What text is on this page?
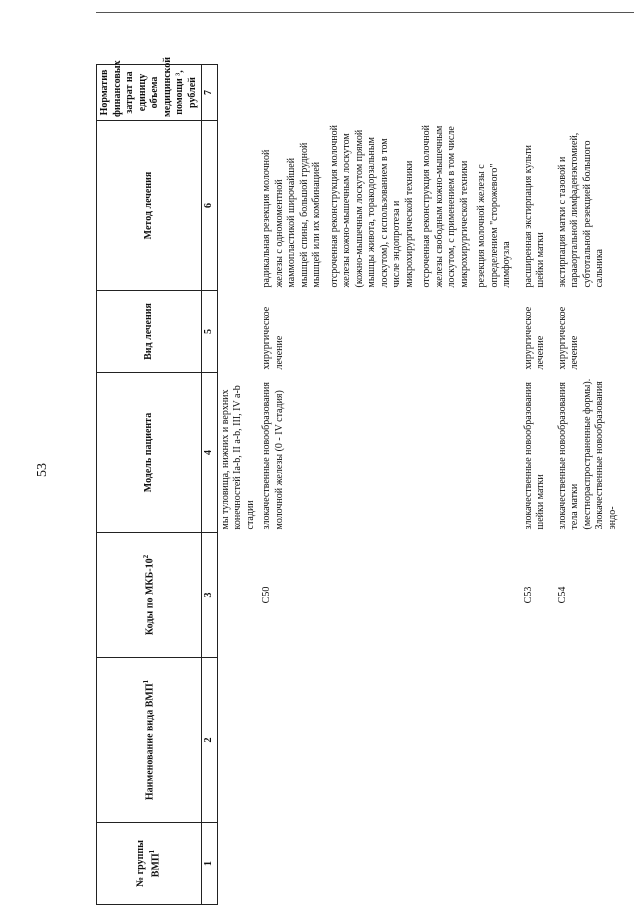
53
№ группы ВМП$^1$	Наименование вида ВМП$^1$	Коды по МКБ-$10^2$	Модель пациента	Вид лечения	Метод лечения	Норматив финансовых затрат на единицу объема медицинской помощи ³, рублей
1	2	3	4	5	6	7
			мы туловища, нижних и верхних конечностей Ia-b, II a-b, III, IV a-b стадии			
		C50	злокачественные новообразования молочной железы (0 - IV стадия)	хирургическое лечение	радикальная резекция молочной железы с одномоментной маммопластикой широчайшей мышцей спины, большой грудной мышцей или их комбинацией отсроченная реконструкция молочной железы кожно-мышечным лоскутом (кожно-мышечным лоскутом прямой мышцы живота, торакодорзальным лоскутом), с использованием в том числе эндопротеза и микрохирургической техники отсроченная реконструкция молочной железы свободным кожно-мышечным лоскутом, с применением в том числе микрохирургической техники резекция молочной железы с определением "сторожевого" лимфоузла	

		C53	злокачественные новообразования шейки матки	хирургическое лечение	расширенная экстирпация культи шейки матки	

		C54	злокачественные новообразования тела матки (местнораспространенные формы). Злокачественные новообразования эндо-	хирургическое лечение	экстирпация матки с тазовой и парааортальной лимфаденэктомией, субтотальной резекцией большого сальника	
